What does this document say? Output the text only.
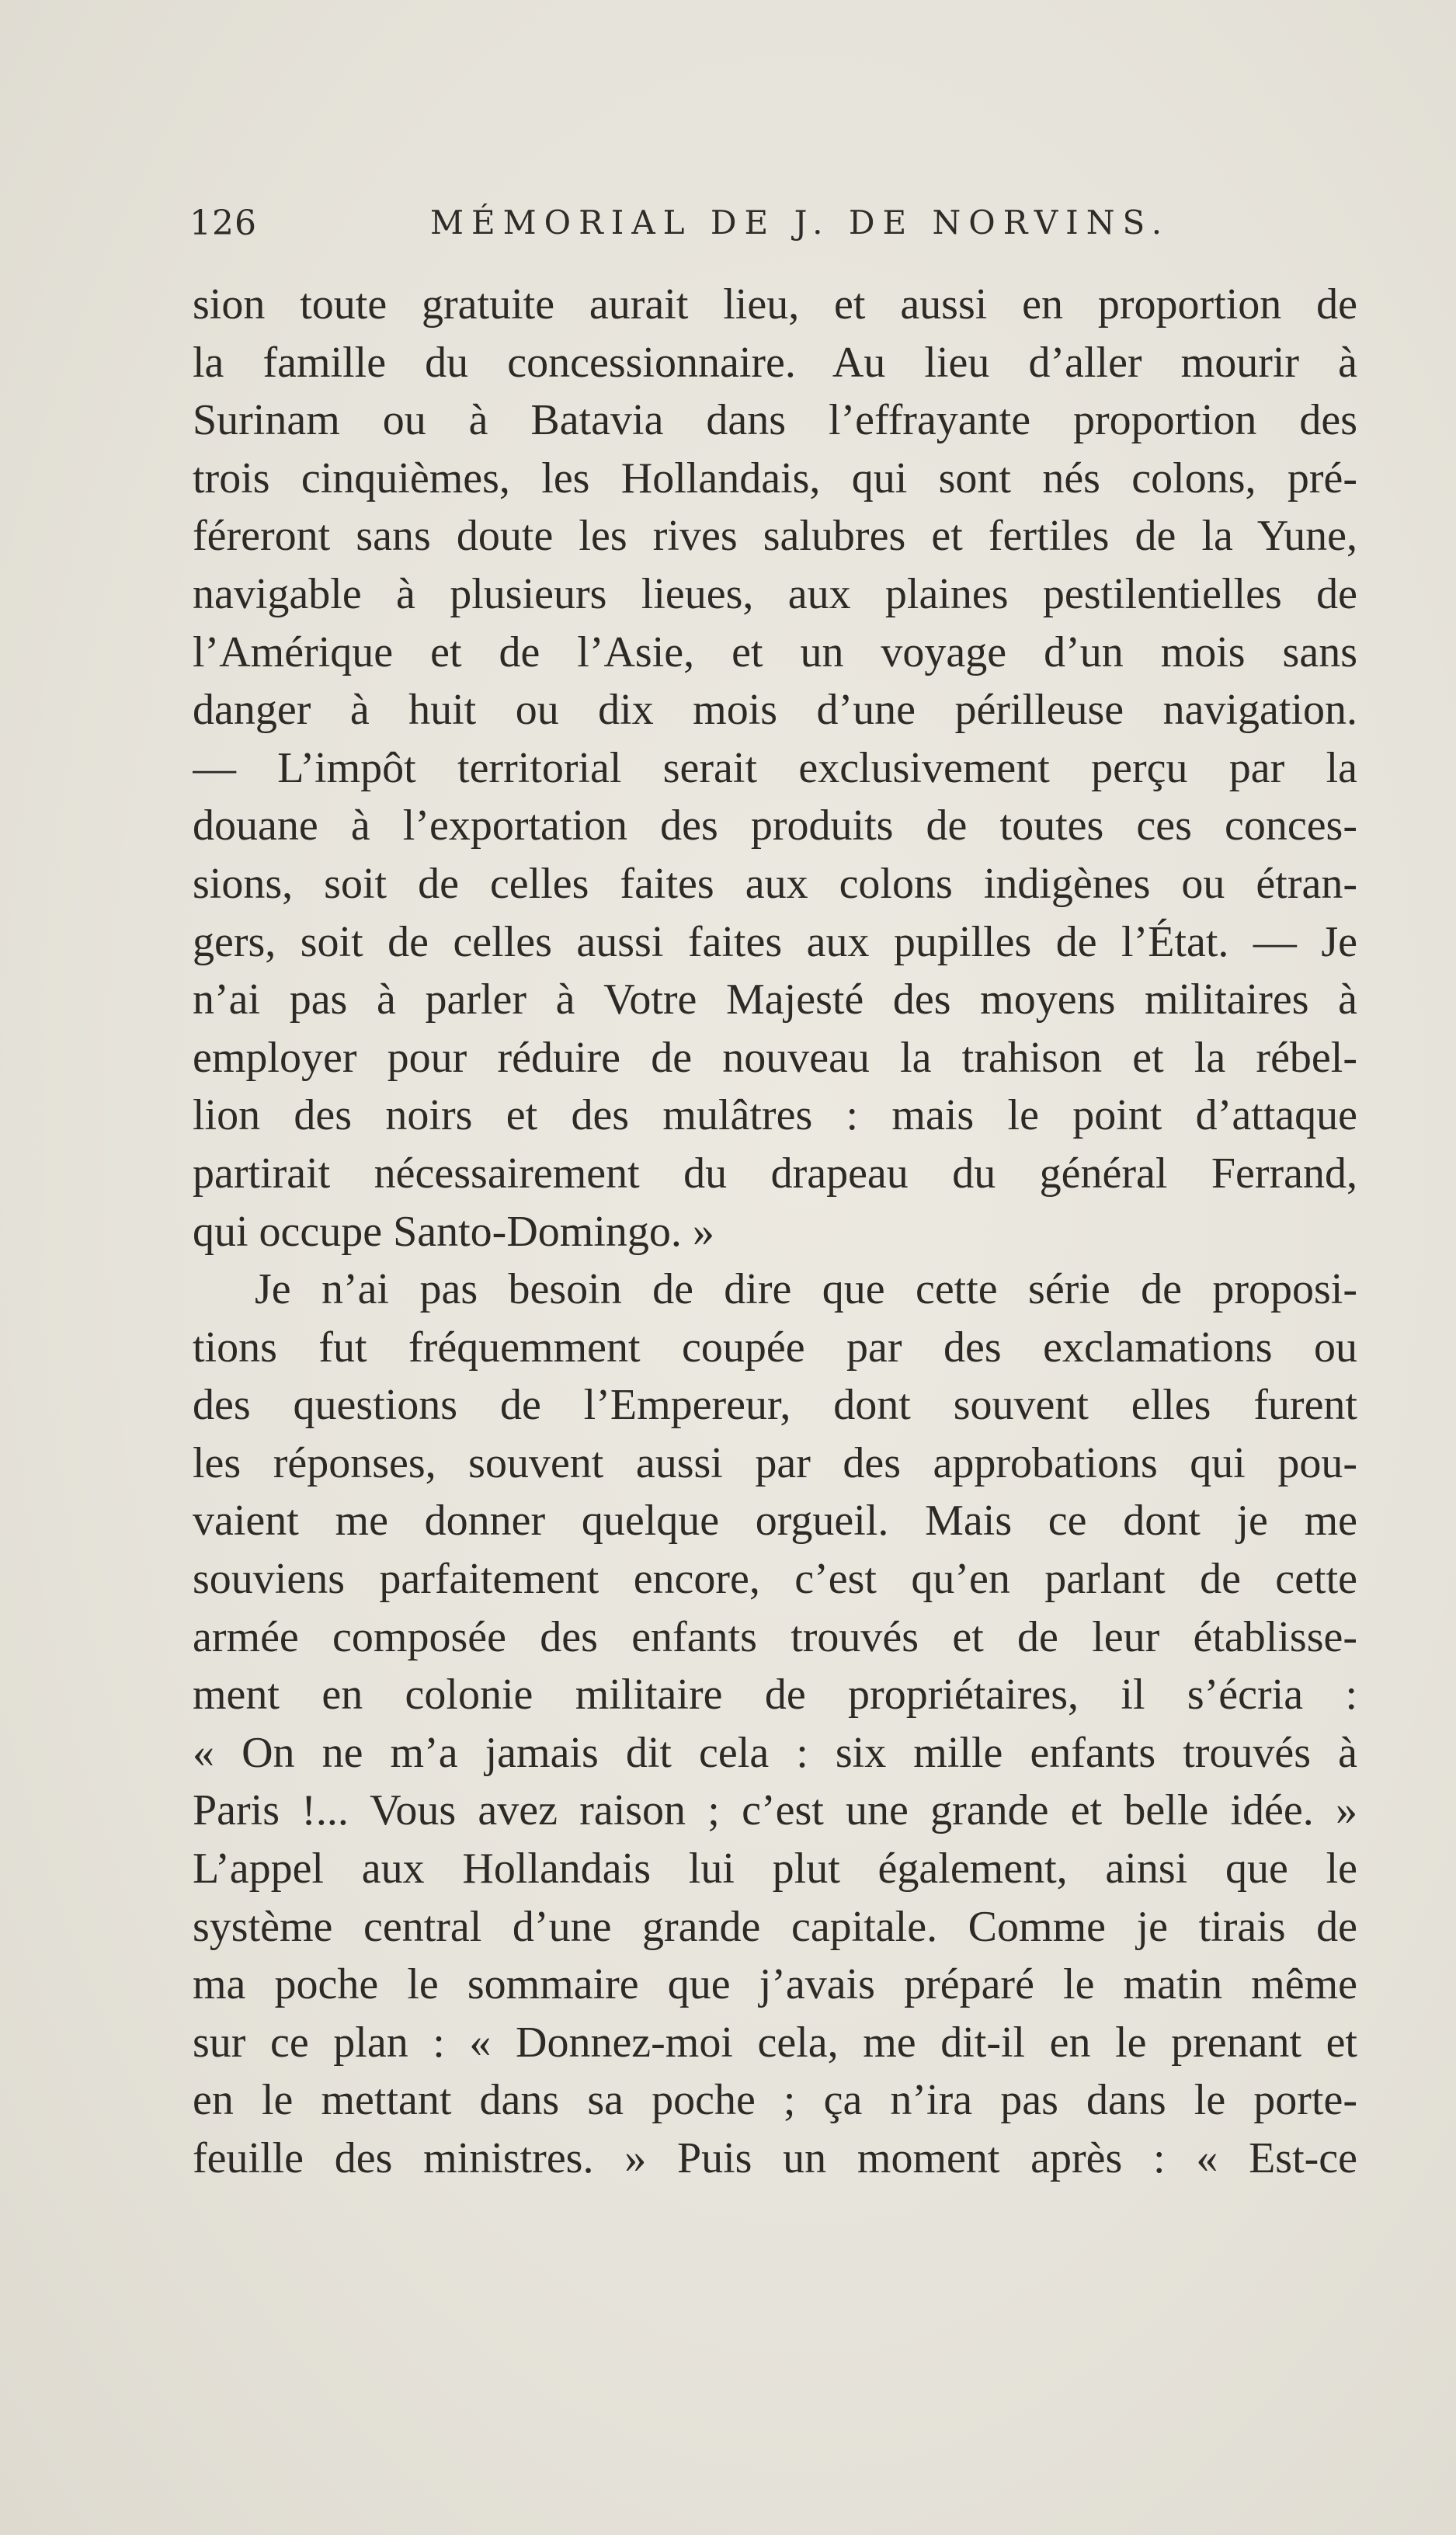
126	MÉMORIAL DE J. DE NORVINS.
sion toute gratuite aurait lieu, et aussi en proportion de
la famille du concessionnaire. Au lieu d’aller mourir à
Surinam ou à Batavia dans l’effrayante proportion des
trois cinquièmes, les Hollandais, qui sont nés colons, pré-
féreront sans doute les rives salubres et fertiles de la Yune,
navigable à plusieurs lieues, aux plaines pestilentielles de
l’Amérique et de l’Asie, et un voyage d’un mois sans
danger à huit ou dix mois d’une périlleuse navigation.
— L’impôt territorial serait exclusivement perçu par la
douane à l’exportation des produits de toutes ces conces-
sions, soit de celles faites aux colons indigènes ou étran-
gers, soit de celles aussi faites aux pupilles de l’État. — Je
n’ai pas à parler à Votre Majesté des moyens militaires à
employer pour réduire de nouveau la trahison et la rébel-
lion des noirs et des mulâtres : mais le point d’attaque
partirait nécessairement du drapeau du général Ferrand,
qui occupe Santo-Domingo. »
Je n’ai pas besoin de dire que cette série de proposi-
tions fut fréquemment coupée par des exclamations ou
des questions de l’Empereur, dont souvent elles furent
les réponses, souvent aussi par des approbations qui pou-
vaient me donner quelque orgueil. Mais ce dont je me
souviens parfaitement encore, c’est qu’en parlant de cette
armée composée des enfants trouvés et de leur établisse-
ment en colonie militaire de propriétaires, il s’écria :
« On ne m’a jamais dit cela : six mille enfants trouvés à
Paris !... Vous avez raison ; c’est une grande et belle idée. »
L’appel aux Hollandais lui plut également, ainsi que le
système central d’une grande capitale. Comme je tirais de
ma poche le sommaire que j’avais préparé le matin même
sur ce plan : « Donnez-moi cela, me dit-il en le prenant et
en le mettant dans sa poche ; ça n’ira pas dans le porte-
feuille des ministres. » Puis un moment après : « Est-ce
